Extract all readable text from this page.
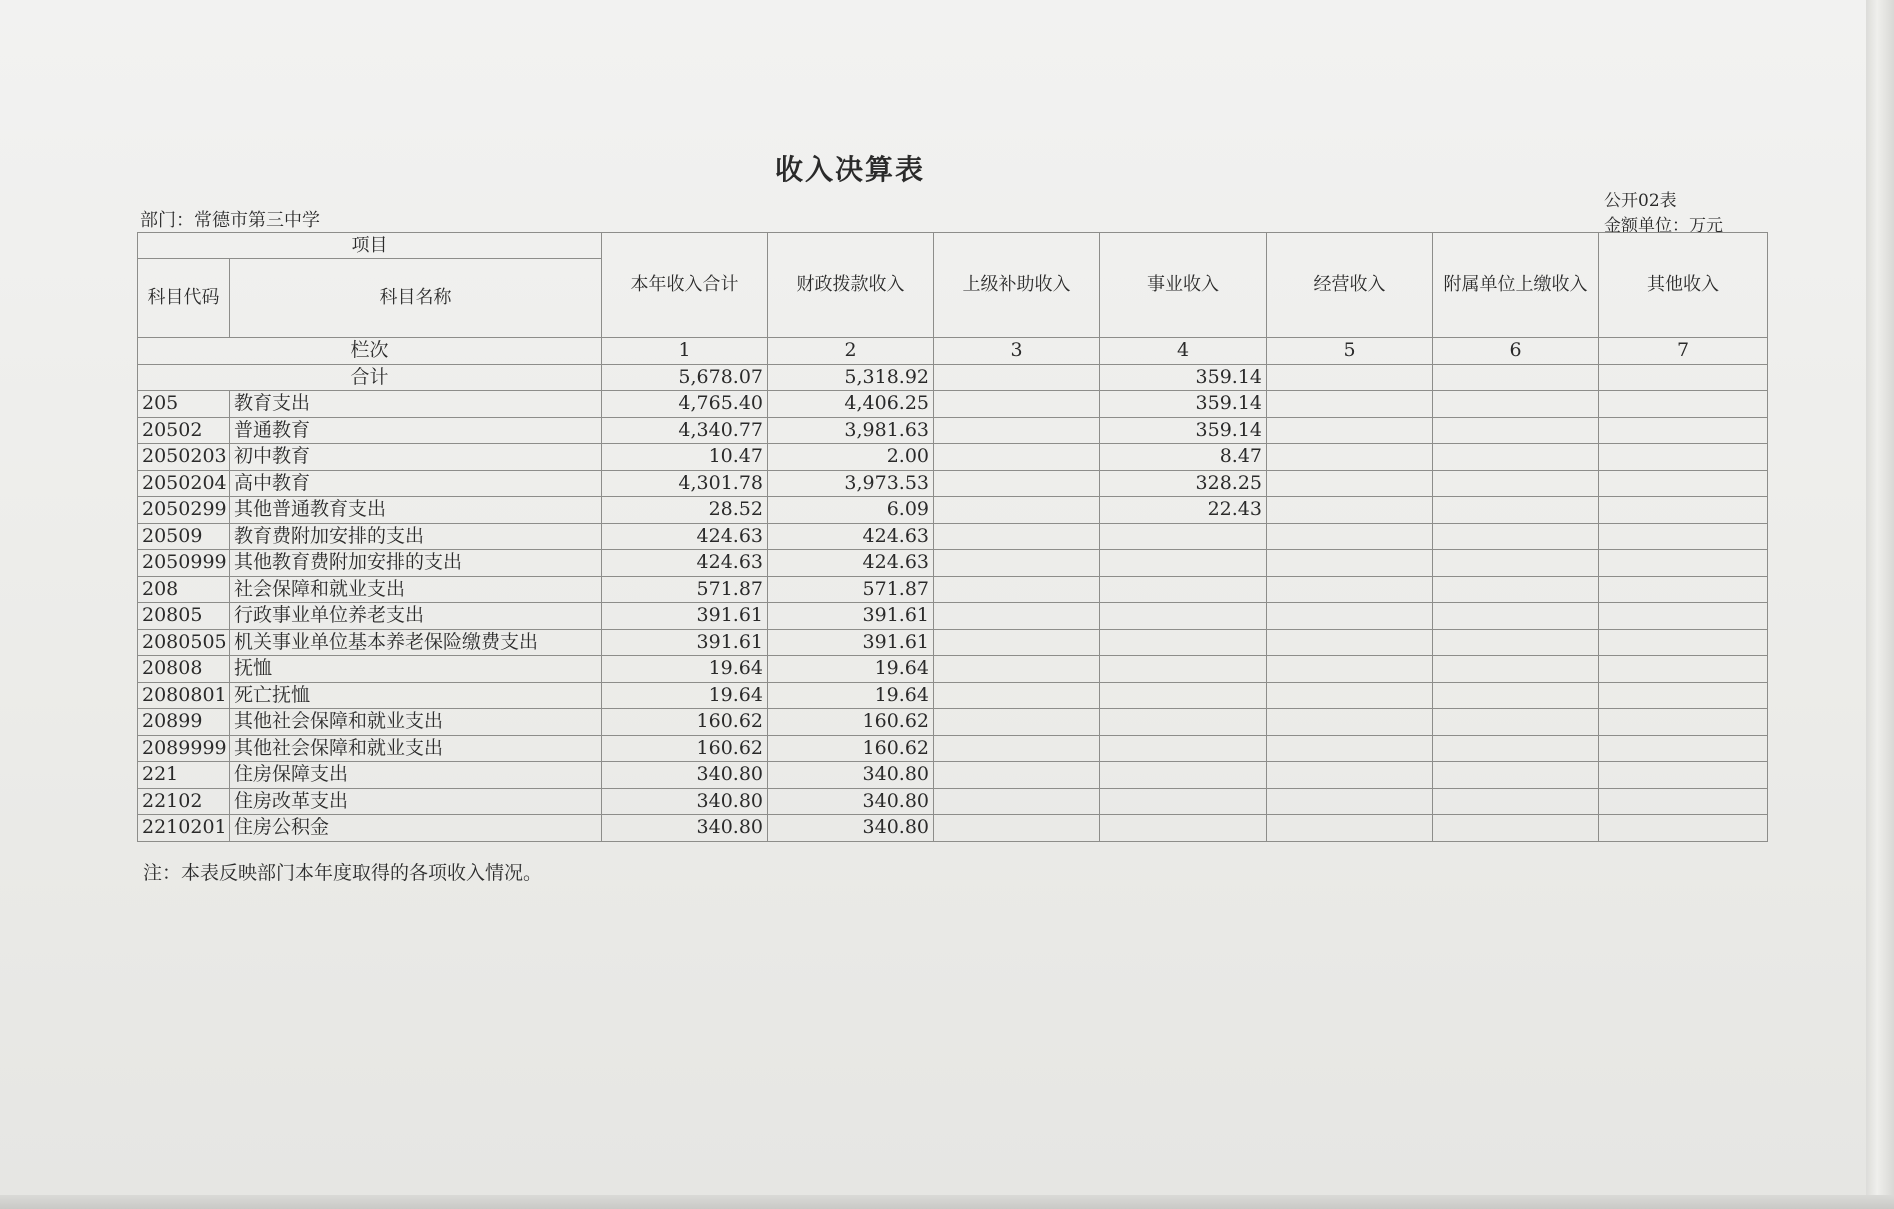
收入决算表
部门：常德市第三中学
公开02表
金额单位：万元
项目		本年收入合计	财政拨款收入	上级补助收入	事业收入	经营收入	附属单位上缴收入	其他收入
科目代码	科目名称							
栏次		1	2	3	4	5	6	7
合计		5,678.07	5,318.92		359.14			
205	教育支出	4,765.40	4,406.25		359.14			
20502	普通教育	4,340.77	3,981.63		359.14			
2050203	初中教育	10.47	2.00		8.47			
2050204	高中教育	4,301.78	3,973.53		328.25			
2050299	其他普通教育支出	28.52	6.09		22.43			
20509	教育费附加安排的支出	424.63	424.63					
2050999	其他教育费附加安排的支出	424.63	424.63					
208	社会保障和就业支出	571.87	571.87					
20805	行政事业单位养老支出	391.61	391.61					
2080505	机关事业单位基本养老保险缴费支出	391.61	391.61					
20808	抚恤	19.64	19.64					
2080801	死亡抚恤	19.64	19.64					
20899	其他社会保障和就业支出	160.62	160.62					
2089999	其他社会保障和就业支出	160.62	160.62					
221	住房保障支出	340.80	340.80					
22102	住房改革支出	340.80	340.80					
2210201	住房公积金	340.80	340.80					
注：本表反映部门本年度取得的各项收入情况。
